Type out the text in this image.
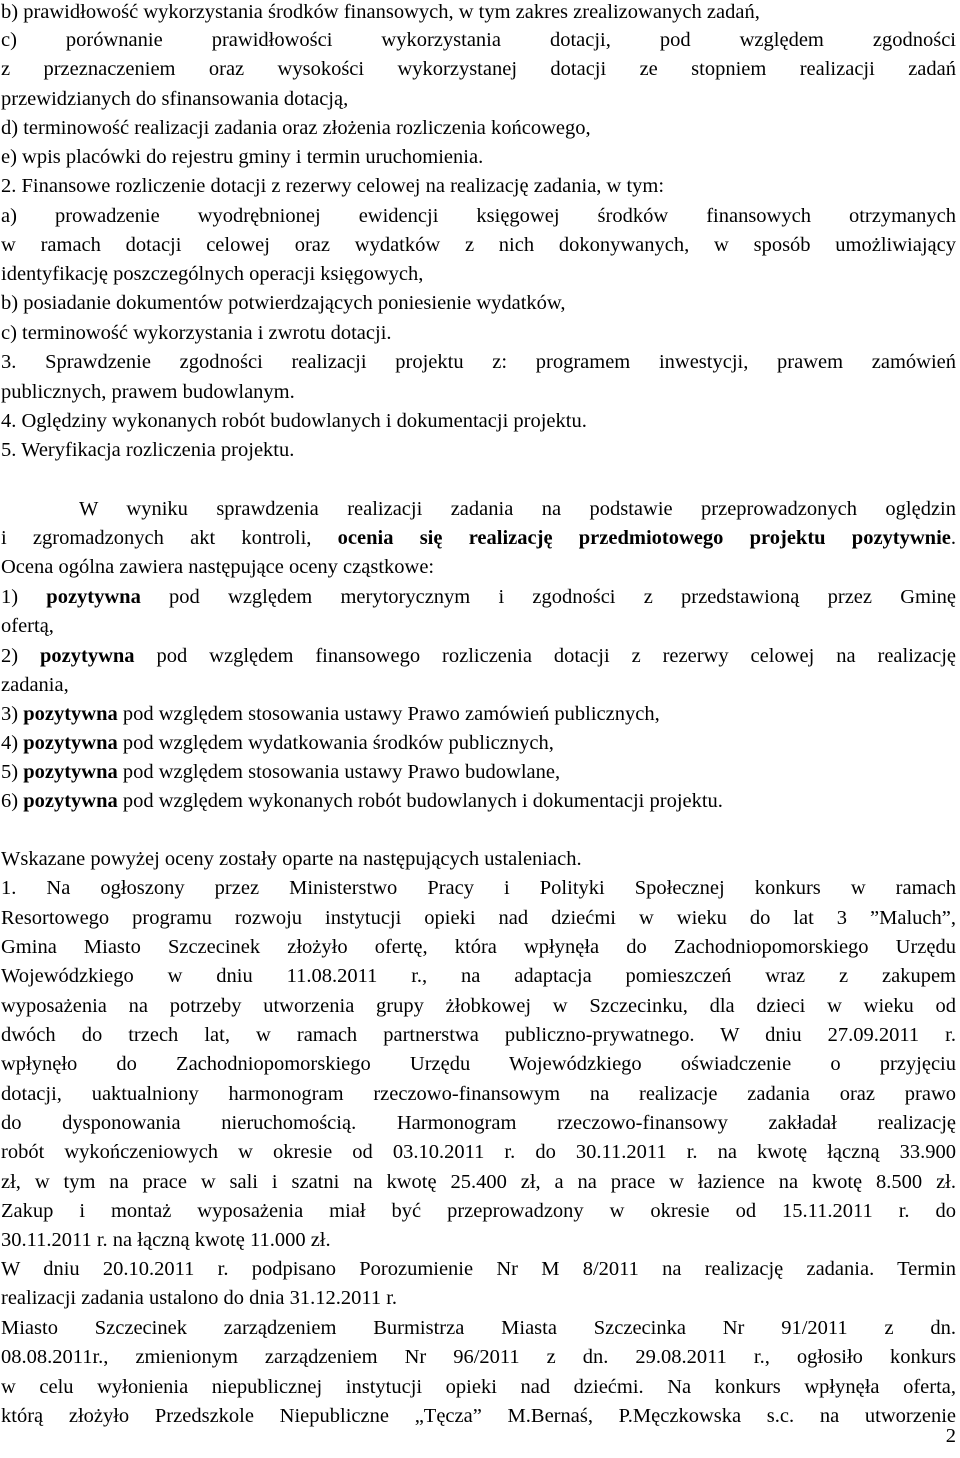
b) prawidłowość wykorzystania środków finansowych, w tym zakres zrealizowanych zadań,
c) porównanie prawidłowości wykorzystania dotacji, pod względem zgodności
z przeznaczeniem oraz wysokości wykorzystanej dotacji ze stopniem realizacji zadań
przewidzianych do sfinansowania dotacją,
d) terminowość realizacji zadania oraz złożenia rozliczenia końcowego,
e) wpis placówki do rejestru gminy i termin uruchomienia.
2. Finansowe rozliczenie dotacji z rezerwy celowej na realizację zadania, w tym:
a) prowadzenie wyodrębnionej ewidencji księgowej środków finansowych otrzymanych
w ramach dotacji celowej oraz wydatków z nich dokonywanych, w sposób umożliwiający
identyfikację poszczególnych operacji księgowych,
b) posiadanie dokumentów potwierdzających poniesienie wydatków,
c) terminowość wykorzystania i zwrotu dotacji.
3. Sprawdzenie zgodności realizacji projektu z: programem inwestycji, prawem zamówień
publicznych, prawem budowlanym.
4. Oględziny wykonanych robót budowlanych i dokumentacji projektu.
5. Weryfikacja rozliczenia projektu.
W wyniku sprawdzenia realizacji zadania na podstawie przeprowadzonych oględzin
i zgromadzonych akt kontroli, ocenia się realizację przedmiotowego projektu pozytywnie.
Ocena ogólna zawiera następujące oceny cząstkowe:
1) pozytywna pod względem merytorycznym i zgodności z przedstawioną przez Gminę
ofertą,
2) pozytywna pod względem finansowego rozliczenia dotacji z rezerwy celowej na realizację
zadania,
3) pozytywna pod względem stosowania ustawy Prawo zamówień publicznych,
4) pozytywna pod względem wydatkowania środków publicznych,
5) pozytywna pod względem stosowania ustawy Prawo budowlane,
6) pozytywna pod względem wykonanych robót budowlanych i dokumentacji projektu.
Wskazane powyżej oceny zostały oparte na następujących ustaleniach.
1. Na ogłoszony przez Ministerstwo Pracy i Polityki Społecznej konkurs w ramach
Resortowego programu rozwoju instytucji opieki nad dziećmi w wieku do lat 3 ”Maluch”,
Gmina Miasto Szczecinek złożyło ofertę, która wpłynęła do Zachodniopomorskiego Urzędu
Wojewódzkiego w dniu 11.08.2011 r., na adaptacja pomieszczeń wraz z zakupem
wyposażenia na potrzeby utworzenia grupy żłobkowej w Szczecinku, dla dzieci w wieku od
dwóch do trzech lat, w ramach partnerstwa publiczno-prywatnego. W dniu 27.09.2011 r.
wpłynęło do Zachodniopomorskiego Urzędu Wojewódzkiego oświadczenie o przyjęciu
dotacji, uaktualniony harmonogram rzeczowo-finansowym na realizacje zadania oraz prawo
do dysponowania nieruchomością. Harmonogram rzeczowo-finansowy zakładał realizację
robót wykończeniowych w okresie od 03.10.2011 r. do 30.11.2011 r. na kwotę łączną 33.900
zł, w tym na prace w sali i szatni na kwotę 25.400 zł, a na prace w łazience na kwotę 8.500 zł.
Zakup i montaż wyposażenia miał być przeprowadzony w okresie od 15.11.2011 r. do
30.11.2011 r. na łączną kwotę 11.000 zł.
W dniu 20.10.2011 r. podpisano Porozumienie Nr M 8/2011 na realizację zadania. Termin
realizacji zadania ustalono do dnia 31.12.2011 r.
Miasto Szczecinek zarządzeniem Burmistrza Miasta Szczecinka Nr 91/2011 z dn.
08.08.2011r., zmienionym zarządzeniem Nr 96/2011 z dn. 29.08.2011 r., ogłosiło konkurs
w celu wyłonienia niepublicznej instytucji opieki nad dziećmi. Na konkurs wpłynęła oferta,
którą złożyło Przedszkole Niepubliczne „Tęcza” M.Bernaś, P.Męczkowska s.c. na utworzenie
2
